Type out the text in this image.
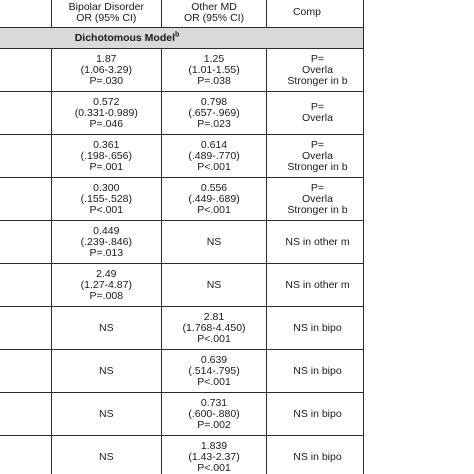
	Bipolar Disorder
OR (95% CI)	Other MD
OR (95% CI)	Comp
Dichotomous Model$^b$

1.87
(1.06-3.29)
P=.030	1.25
(1.01-1.55)
P=.038	P=
Overla
Stronger in b

0.572
(0.331-0.989)
P=.046	0.798
(.657-.969)
P=.023	P=
Overla

0.361
(.198-.656)
P=.001	0.614
(.489-.770)
P<.001	P=
Overla
Stronger in b

0.300
(.155-.528)
P<.001	0.556
(.449-.689)
P<.001	P=
Overla
Stronger in b

0.449
(.239-.846)
P=.013	NS	NS in other m

2.49
(1.27-4.87)
P=.008	NS	NS in other m

	NS	2.81
(1.768-4.450)
P<.001	NS in bipo

NS	0.639
(.514-.795)
P<.001	NS in bipo

NS	0.731
(.600-.880)
P=.002	NS in bipo

	NS	1.839
(1.43-2.37)
P<.001	NS in bipo
